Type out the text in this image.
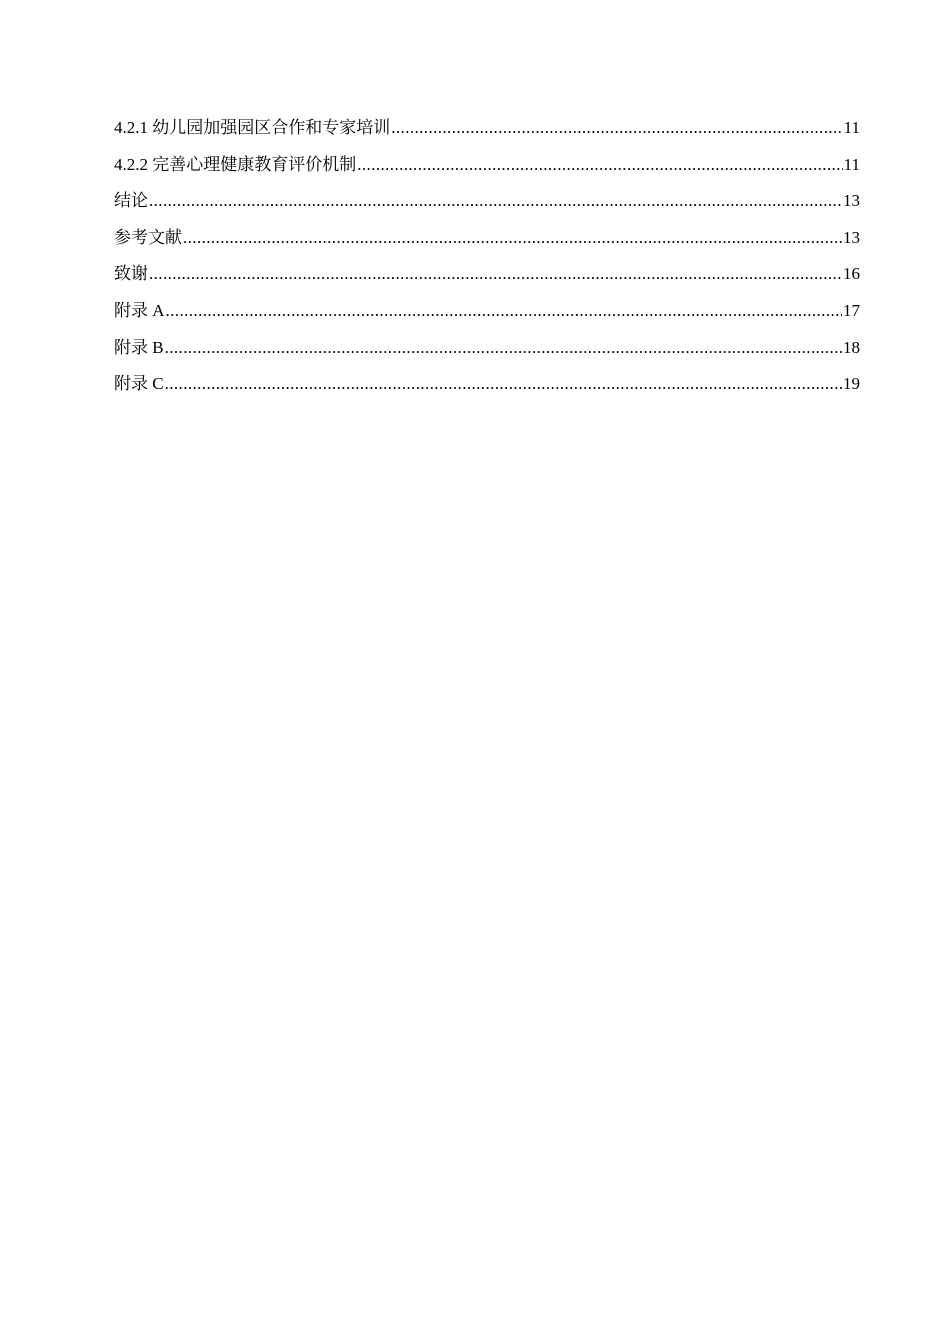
4.2.1 幼儿园加强园区合作和专家培训 .....	11
4.2.2 完善心理健康教育评价机制 .....	11
结论 .....	13
参考文献 .....	13
致谢 .....	16
附录 A .....	17
附录 B .....	18
附录 C .....	19
